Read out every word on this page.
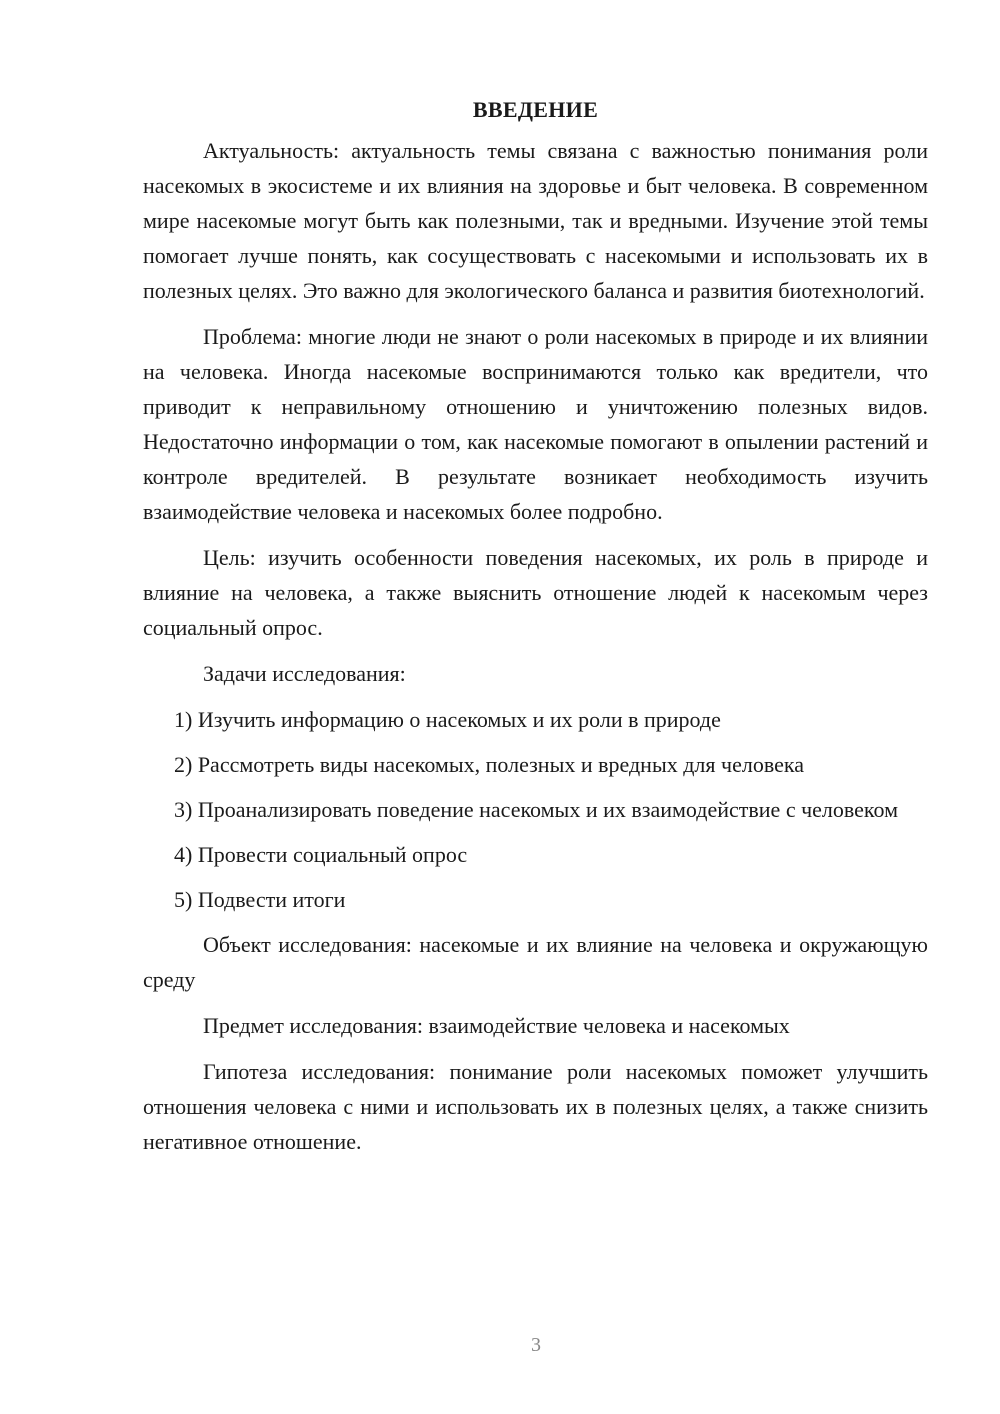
ВВЕДЕНИЕ

Актуальность: актуальность темы связана с важностью понимания роли насекомых в экосистеме и их влияния на здоровье и быт человека. В современном мире насекомые могут быть как полезными, так и вредными. Изучение этой темы помогает лучше понять, как сосуществовать с насекомыми и использовать их в полезных целях. Это важно для экологического баланса и развития биотехнологий.

Проблема: многие люди не знают о роли насекомых в природе и их влиянии на человека. Иногда насекомые воспринимаются только как вредители, что приводит к неправильному отношению и уничтожению полезных видов. Недостаточно информации о том, как насекомые помогают в опылении растений и контроле вредителей. В результате возникает необходимость изучить взаимодействие человека и насекомых более подробно.

Цель: изучить особенности поведения насекомых, их роль в природе и влияние на человека, а также выяснить отношение людей к насекомым через социальный опрос.

Задачи исследования:

1) Изучить информацию о насекомых и их роли в природе

2) Рассмотреть виды насекомых, полезных и вредных для человека

3) Проанализировать поведение насекомых и их взаимодействие с человеком

4) Провести социальный опрос

5) Подвести итоги

Объект исследования: насекомые и их влияние на человека и окружающую среду

Предмет исследования: взаимодействие человека и насекомых

Гипотеза исследования: понимание роли насекомых поможет улучшить отношения человека с ними и использовать их в полезных целях, а также снизить негативное отношение.

3
